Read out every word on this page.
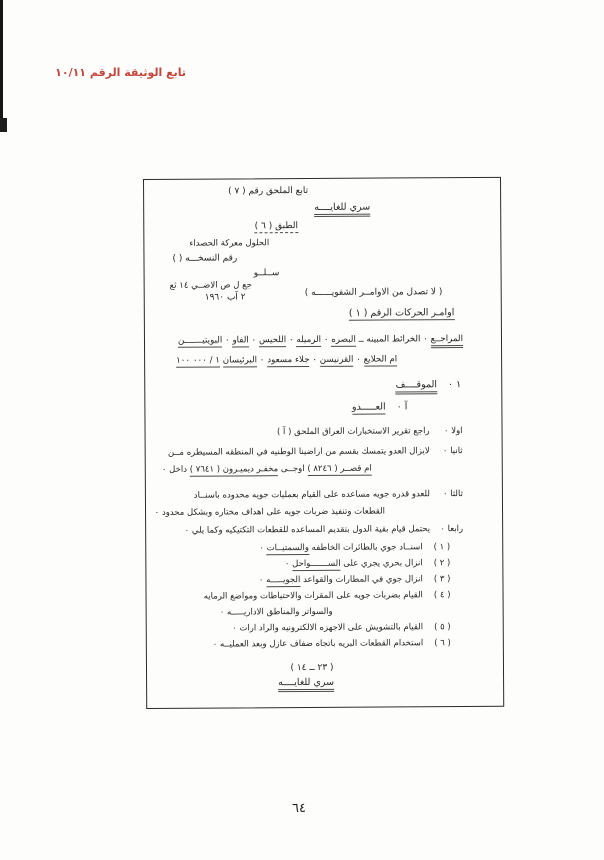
تابع الوثيقة الرقم ١٠/١١
تابع الملحق رقم ( ٧ )
سري للغايــــه
الطبق ( ٦ )
الحلول معركة الحصداء
رقم النسخـــه ( )
ســلــو
جع ل ص الاضــي ١٤ ثع
٢ آب ١٩٦٠	( لا تصدل من الاوامــر الشفويــــــه )
اوامـر الحركات الرقم ( ١ )
المراجــع ٠ الخرائط المبينه ــ البصره ٠ الرميله ٠ اللحيس ٠ الفاو ٠ البويتيـــــــن
ام الحلايع ٠ القرنيسن ٠ جلاء مسعود ٠ البرئيسان ١ / ٠٠٠ ١٠٠
١ ٠الموقــــف
آ ٠العـــــدو
اولا ٠
راجع تقرير الاستخبارات العراق الملحق ( آ )
ثانيا ٠
لايزال العدو يتمسك بقسم من اراضينا الوطنيه في المنطقه المسيطره مــن
ام قصــر ( ٨٢٤٦ ) اوجــى مخفـر ديميـرون ( ٧٦٤١ ) داخل ٠
ثالثا ٠
للعدو قدره جويه مساعده على القيام بعمليات جويه محدوده باسنــاد
القطعات وتنفيذ ضربات جويه على اهداف مختاره وبشكل محدود ٠
رابعا ٠
يحتمل قيام بقية الدول بتقديم المساعده للقطعات التكتيكيه وكما يلي ٠
( ١ )اسنــاد جوي بالطائرات الخاطفه والسمتيــات ٠
( ٢ )انزال بحري يجري على الســـــــواحل ٠
( ٣ )انزال جوي في المطارات والقواعد الجويـــــه ٠
( ٤ )القيام بضربات جويه على المقرات والاحتياطات ومواضع الرمايه
والسواتر والمناطق الاداريـــــه ٠
( ٥ )القيام بالتشويش على الاجهزه الالكترونيه والراد ارات ٠
( ٦ )استخدام القطعات البريه باتجاه ضفاف عازل وبعد العمليــه ٠
( ٢٣ ــ ١٤ )
سري للغايــــه
٦٤
